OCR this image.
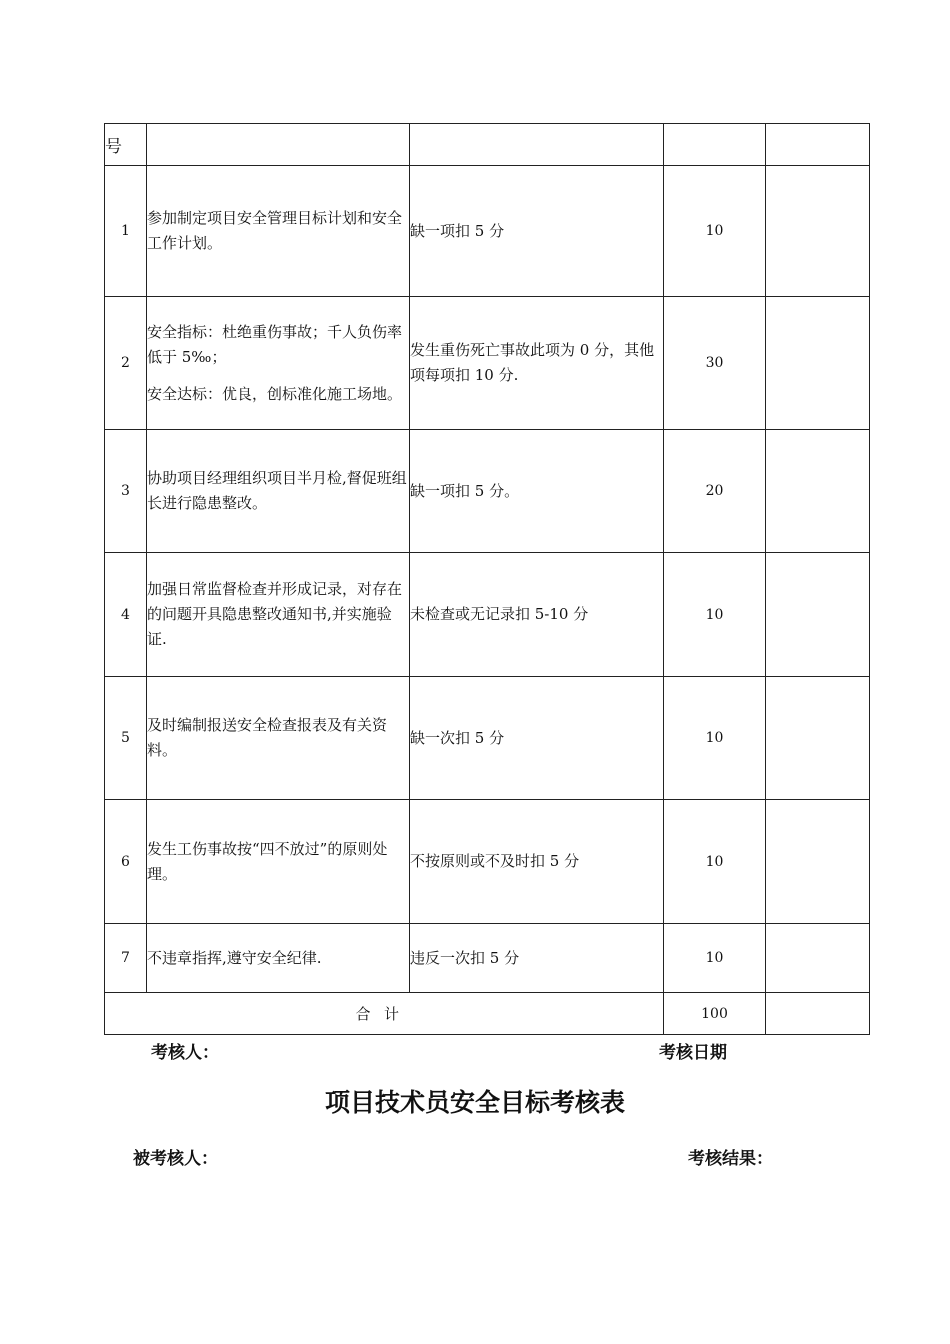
号				
1	参加制定项目安全管理目标计划和安全工作计划。	缺一项扣 5 分	10	
2	安全指标：杜绝重伤事故；千人负伤率低于 5‰；

安全达标：优良，创标准化施工场地。	发生重伤死亡事故此项为 0 分，其他项每项扣 10 分.	30	
3	协助项目经理组织项目半月检,督促班组长进行隐患整改。	缺一项扣 5 分。	20	
4	加强日常监督检查并形成记录，对存在的问题开具隐患整改通知书,并实施验证.	未检查或无记录扣 5-10 分	10	
5	及时编制报送安全检查报表及有关资料。	缺一次扣 5 分	10	
6	发生工伤事故按“四不放过”的原则处理。	不按原则或不及时扣 5 分	10	
7	不违章指挥,遵守安全纪律.	违反一次扣 5 分	10	
合计			100	
考核人：	考核日期
项目技术员安全目标考核表
被考核人：	考核结果：
